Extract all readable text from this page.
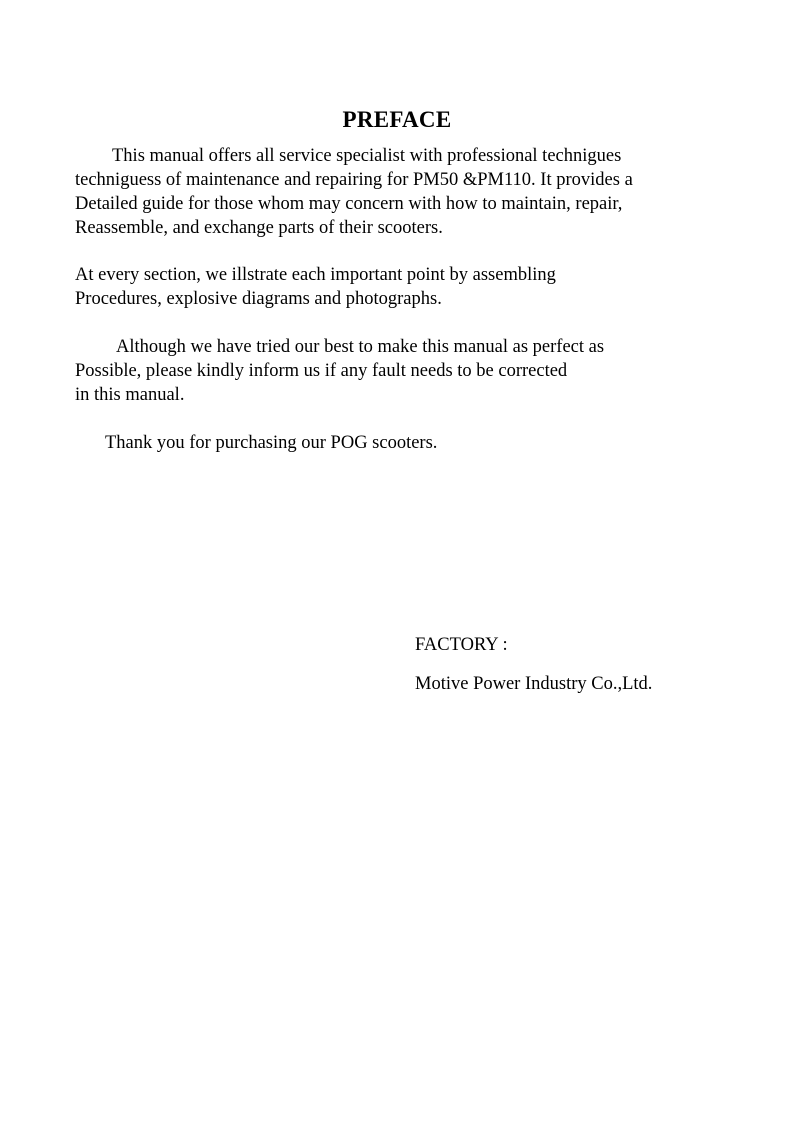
PREFACE
This manual offers all service specialist with professional technigues
techniguess of maintenance and repairing for PM50 &PM110. It provides a
Detailed guide for those whom may concern with how to maintain, repair,
Reassemble, and exchange parts of their scooters.
At every section, we illstrate each important point by assembling
Procedures, explosive diagrams and photographs.
Although we have tried our best to make this manual as perfect as
Possible, please kindly inform us if any fault needs to be corrected
in this manual.
Thank you for purchasing our POG scooters.
FACTORY :
Motive Power Industry Co.,Ltd.
